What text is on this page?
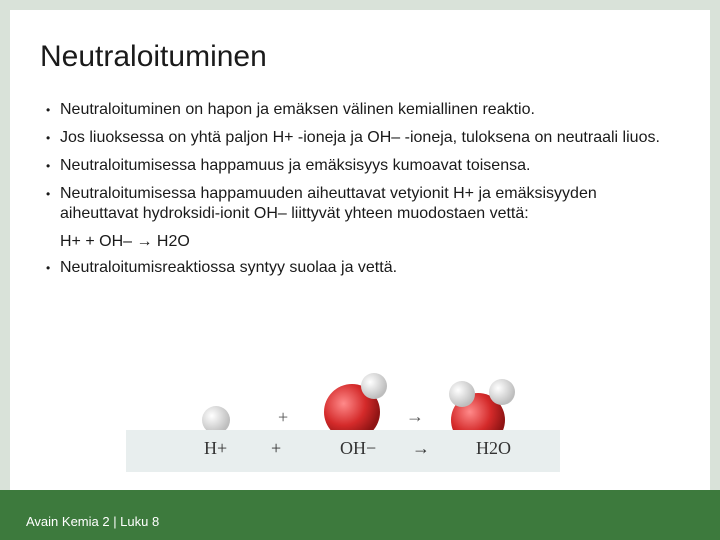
Neutraloituminen
• Neutraloituminen on hapon ja emäksen välinen kemiallinen reaktio.
• Jos liuoksessa on yhtä paljon H+ -ioneja ja OH– -ioneja, tuloksena on neutraali liuos.
• Neutraloitumisessa happamuus ja emäksisyys kumoavat toisensa.
• Neutraloitumisessa happamuuden aiheuttavat vetyionit H+ ja emäksisyyden aiheuttavat hydroksidi-ionit OH– liittyvät yhteen muodostaen vettä:
H+ + OH– → H2O
• Neutraloitumisreaktiossa syntyy suolaa ja vettä.
+	→
H+ +	OH− →	H2O
Avain Kemia 2 | Luku 8
